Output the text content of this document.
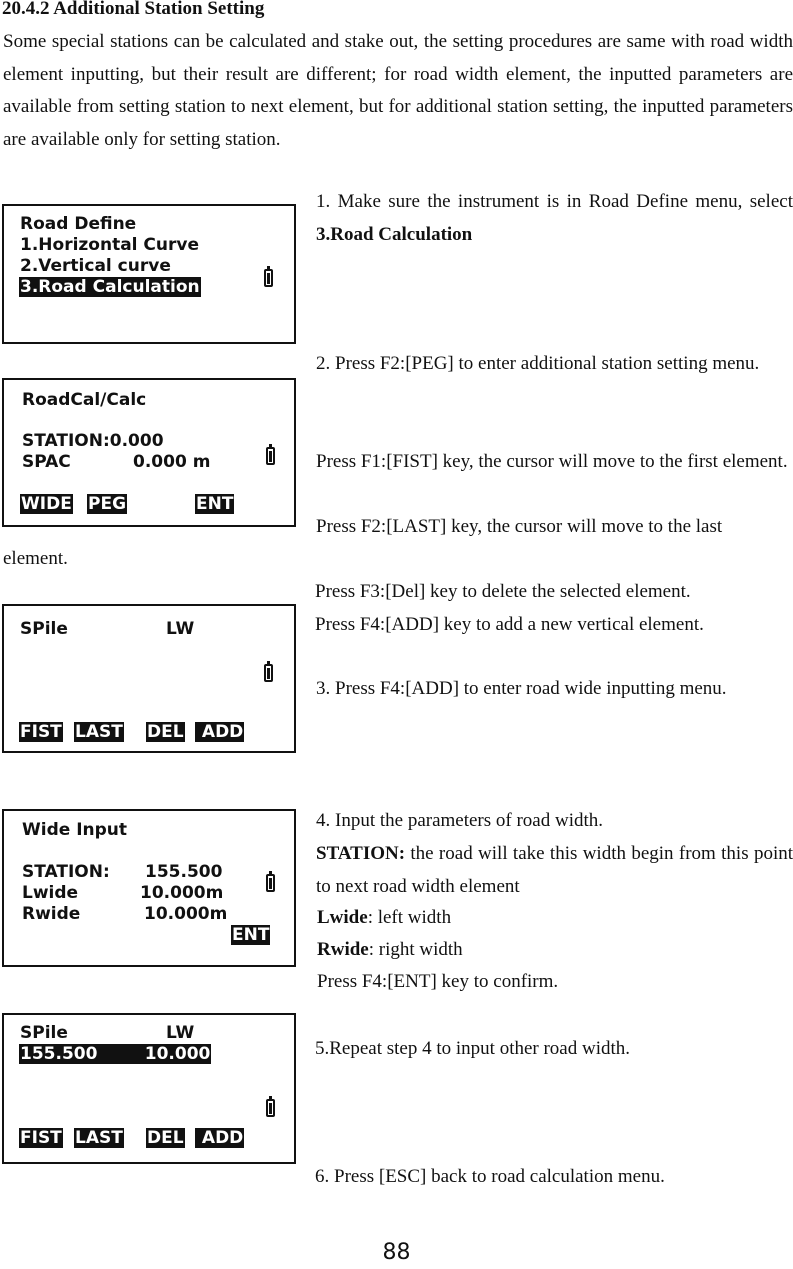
20.4.2 Additional Station Setting

Some special stations can be calculated and stake out, the setting procedures are same with road width element inputting, but their result are different; for road width element, the inputted parameters are available from setting station to next element, but for additional station setting, the inputted parameters are available only for setting station.

Road Define
1.Horizontal Curve
2.Vertical curve
3.Road Calculation

1. Make sure the instrument is in Road Define menu, select 3.Road Calculation

RoadCal/Calc
STATION:0.000
SPAC	0.000 m
WIDE PEG	ENT

2. Press F2:[PEG] to enter additional station setting menu.

Press F1:[FIST] key, the cursor will move to the first element.

Press F2:[LAST] key, the cursor will move to the last

element.

Press F3:[Del] key to delete the selected element.

Press F4:[ADD] key to add a new vertical element.

SPile	LW
FIST LAST DEL ADD

3. Press F4:[ADD] to enter road wide inputting menu.

Wide Input
STATION: 155.500
Lwide	10.000m
Rwide	10.000m
ENT

4. Input the parameters of road width.

STATION: the road will take this width begin from this point to next road width element

Lwide: left width

Rwide: right width

Press F4:[ENT] key to confirm.

SPile	LW
155.500        10.000
FIST LAST DEL ADD

5.Repeat step 4 to input other road width.

6. Press [ESC] back to road calculation menu.

88
